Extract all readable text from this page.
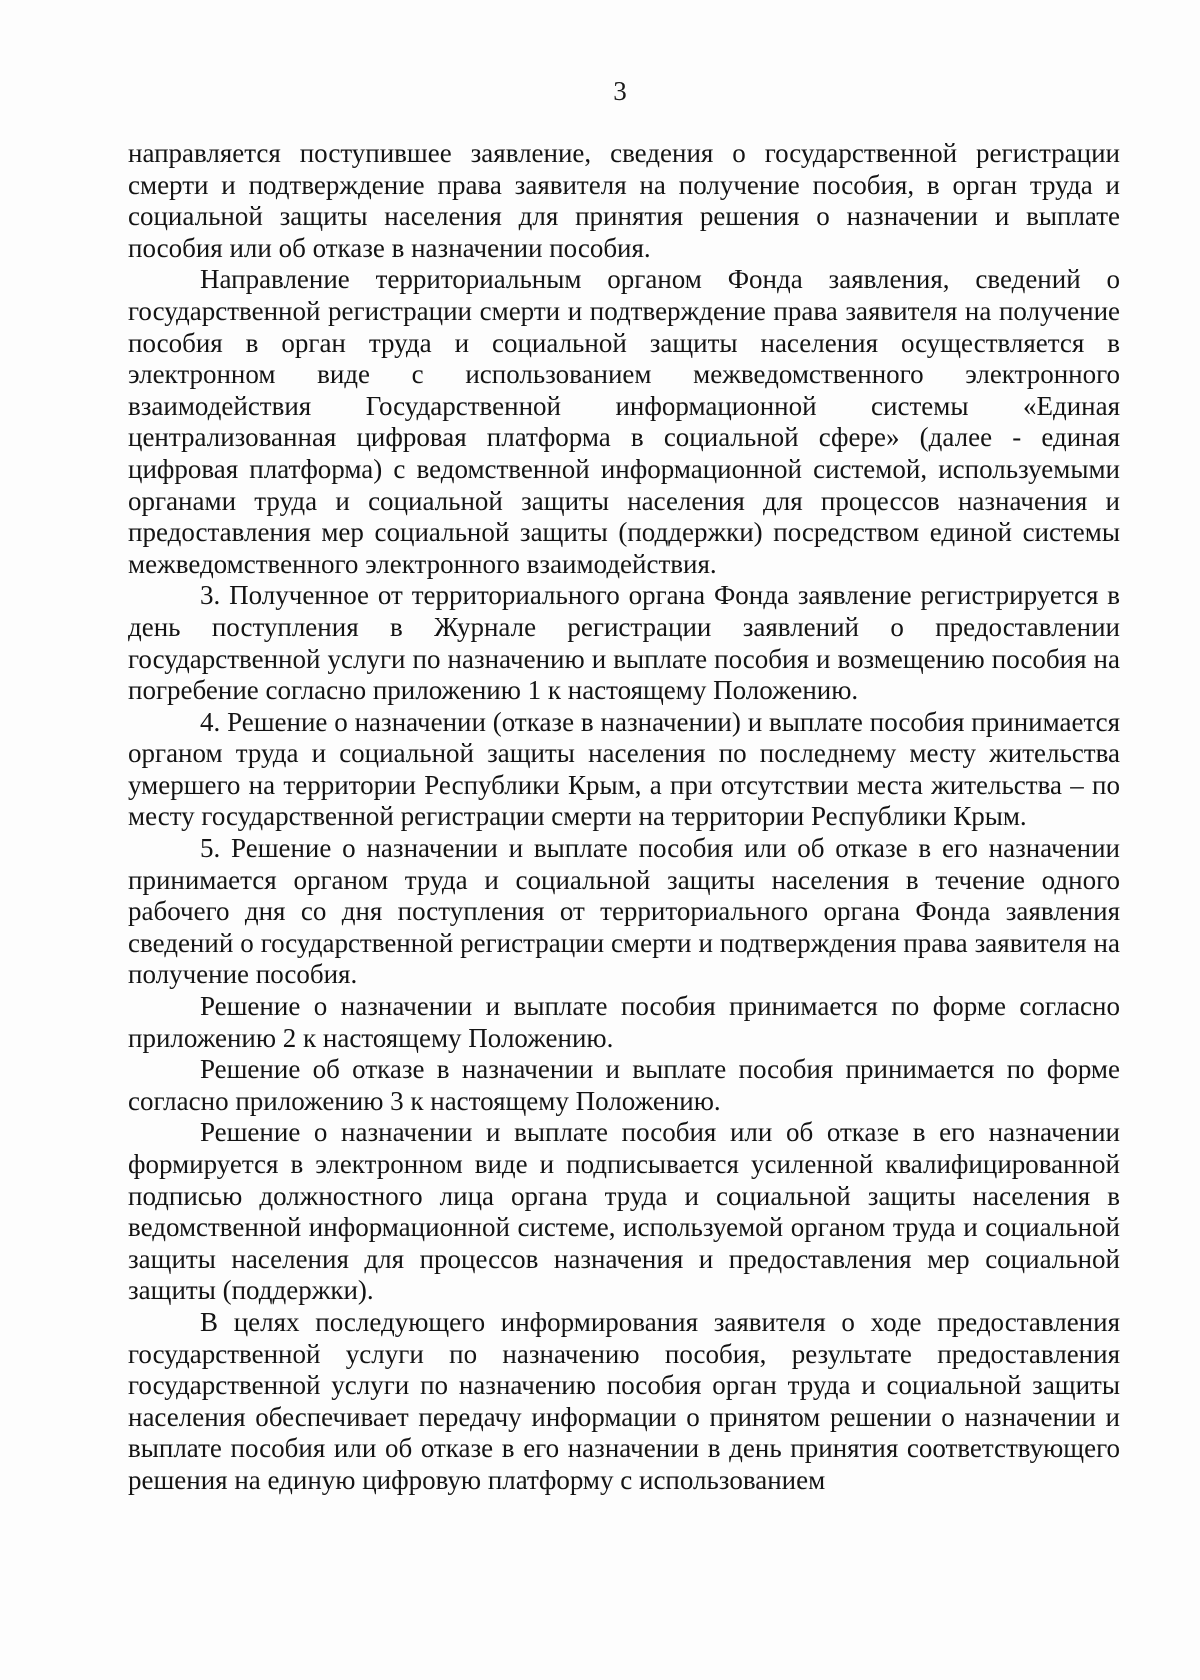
3

направляется поступившее заявление, сведения о государственной регистрации смерти и подтверждение права заявителя на получение пособия, в орган труда и социальной защиты населения для принятия решения о назначении и выплате пособия или об отказе в назначении пособия.

Направление территориальным органом Фонда заявления, сведений о государственной регистрации смерти и подтверждение права заявителя на получение пособия в орган труда и социальной защиты населения осуществляется в электронном виде с использованием межведомственного электронного взаимодействия Государственной информационной системы «Единая централизованная цифровая платформа в социальной сфере» (далее - единая цифровая платформа) с ведомственной информационной системой, используемыми органами труда и социальной защиты населения для процессов назначения и предоставления мер социальной защиты (поддержки) посредством единой системы межведомственного электронного взаимодействия.

3. Полученное от территориального органа Фонда заявление регистрируется в день поступления в Журнале регистрации заявлений о предоставлении государственной услуги по назначению и выплате пособия и возмещению пособия на погребение согласно приложению 1 к настоящему Положению.

4. Решение о назначении (отказе в назначении) и выплате пособия принимается органом труда и социальной защиты населения по последнему месту жительства умершего на территории Республики Крым, а при отсутствии места жительства – по месту государственной регистрации смерти на территории Республики Крым.

5. Решение о назначении и выплате пособия или об отказе в его назначении принимается органом труда и социальной защиты населения в течение одного рабочего дня со дня поступления от территориального органа Фонда заявления сведений о государственной регистрации смерти и подтверждения права заявителя на получение пособия.

Решение о назначении и выплате пособия принимается по форме согласно приложению 2 к настоящему Положению.

Решение об отказе в назначении и выплате пособия принимается по форме согласно приложению 3 к настоящему Положению.

Решение о назначении и выплате пособия или об отказе в его назначении формируется в электронном виде и подписывается усиленной квалифицированной подписью должностного лица органа труда и социальной защиты населения в ведомственной информационной системе, используемой органом труда и социальной защиты населения для процессов назначения и предоставления мер социальной защиты (поддержки).

В целях последующего информирования заявителя о ходе предоставления государственной услуги по назначению пособия, результате предоставления государственной услуги по назначению пособия орган труда и социальной защиты населения обеспечивает передачу информации о принятом решении о назначении и выплате пособия или об отказе в его назначении в день принятия соответствующего решения на единую цифровую платформу с использованием
